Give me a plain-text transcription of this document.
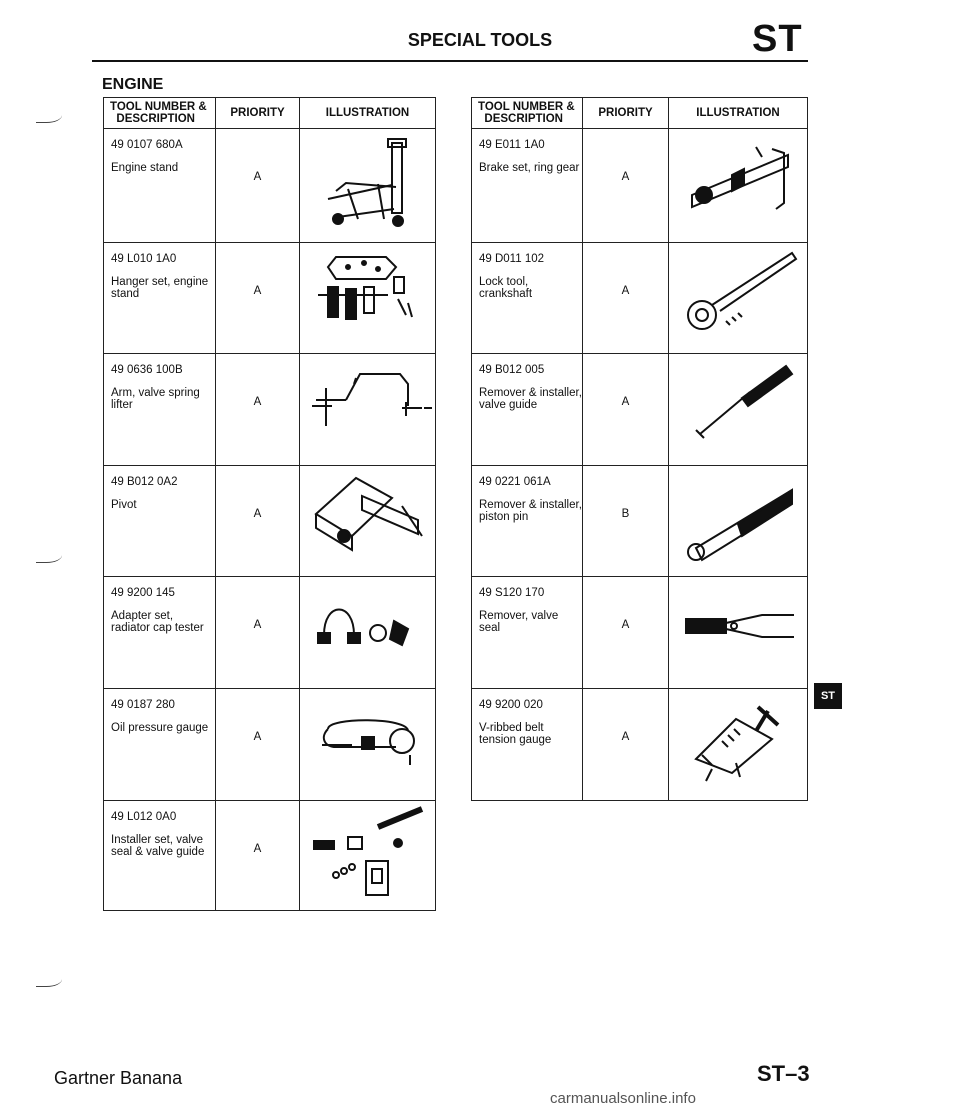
SPECIAL TOOLS	ST
ENGINE
TOOL NUMBER &
DESCRIPTION	PRIORITY	ILLUSTRATION

49 0107 680A
Engine stand	A

49 L010 1A0
Hanger set, engine stand	A

49 0636 100B
Arm, valve spring lifter	A

49 B012 0A2
Pivot	A

49 9200 145
Adapter set, radiator cap tester	A

49 0187 280
Oil pressure gauge	A

49 L012 0A0
Installer set, valve seal & valve guide	A

TOOL NUMBER &
DESCRIPTION	PRIORITY	ILLUSTRATION

49 E011 1A0
Brake set, ring gear	A

49 D011 102
Lock tool, crankshaft	A

49 B012 005
Remover & installer, valve guide	A

49 0221 061A
Remover & installer, piston pin	B

49 S120 170
Remover, valve seal	A

49 9200 020
V-ribbed belt tension gauge	A

ST
Gartner Banana	ST–3
carmanualsonline.info
